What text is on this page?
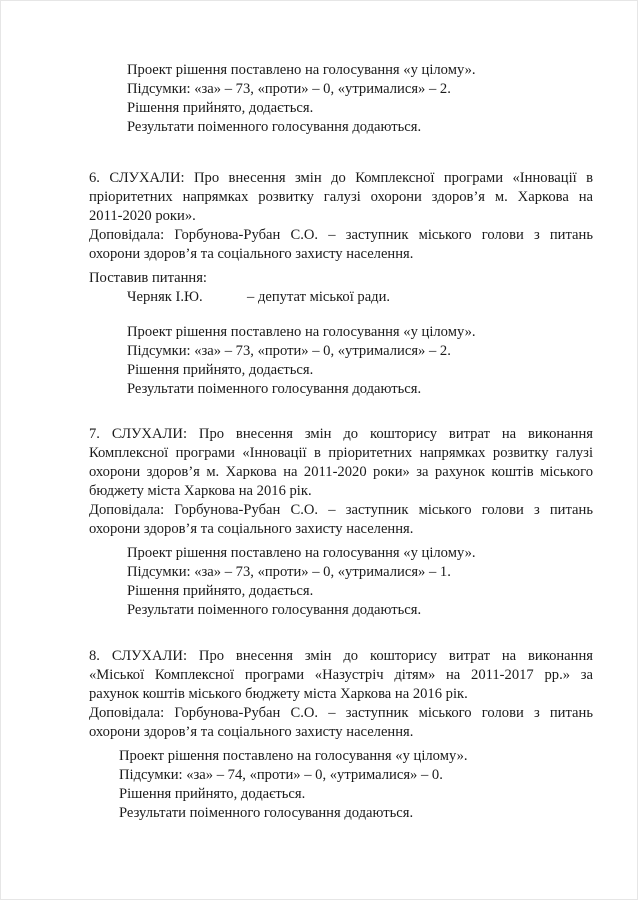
Проект рішення поставлено на голосування «у цілому».

Підсумки: «за» – 73, «проти» – 0, «утрималися» – 2.

Рішення прийнято, додається.

Результати поіменного голосування додаються.

6. СЛУХАЛИ: Про внесення змін до Комплексної програми «Інновації в

пріоритетних напрямках розвитку галузі охорони здоров’я м. Харкова на

2011-2020 роки».

Доповідала: Горбунова-Рубан С.О. – заступник міського голови з питань

охорони здоров’я та соціального захисту населення.

Поставив питання:

Черняк І.Ю.	– депутат міської ради.

Проект рішення поставлено на голосування «у цілому».

Підсумки: «за» – 73, «проти» – 0, «утрималися» – 2.

Рішення прийнято, додається.

Результати поіменного голосування додаються.

7. СЛУХАЛИ: Про внесення змін до кошторису витрат на виконання

Комплексної програми «Інновації в пріоритетних напрямках розвитку галузі

охорони здоров’я м. Харкова на 2011-2020 роки» за рахунок коштів міського

бюджету міста Харкова на 2016 рік.

Доповідала: Горбунова-Рубан С.О. – заступник міського голови з питань

охорони здоров’я та соціального захисту населення.

Проект рішення поставлено на голосування «у цілому».

Підсумки: «за» – 73, «проти» – 0, «утрималися» – 1.

Рішення прийнято, додається.

Результати поіменного голосування додаються.

8. СЛУХАЛИ: Про внесення змін до кошторису витрат на виконання

«Міської Комплексної програми «Назустріч дітям» на 2011-2017 рр.» за

рахунок коштів міського бюджету міста Харкова на 2016 рік.

Доповідала: Горбунова-Рубан С.О. – заступник міського голови з питань

охорони здоров’я та соціального захисту населення.

Проект рішення поставлено на голосування «у цілому».

Підсумки: «за» – 74, «проти» – 0, «утрималися» – 0.

Рішення прийнято, додається.

Результати поіменного голосування додаються.
